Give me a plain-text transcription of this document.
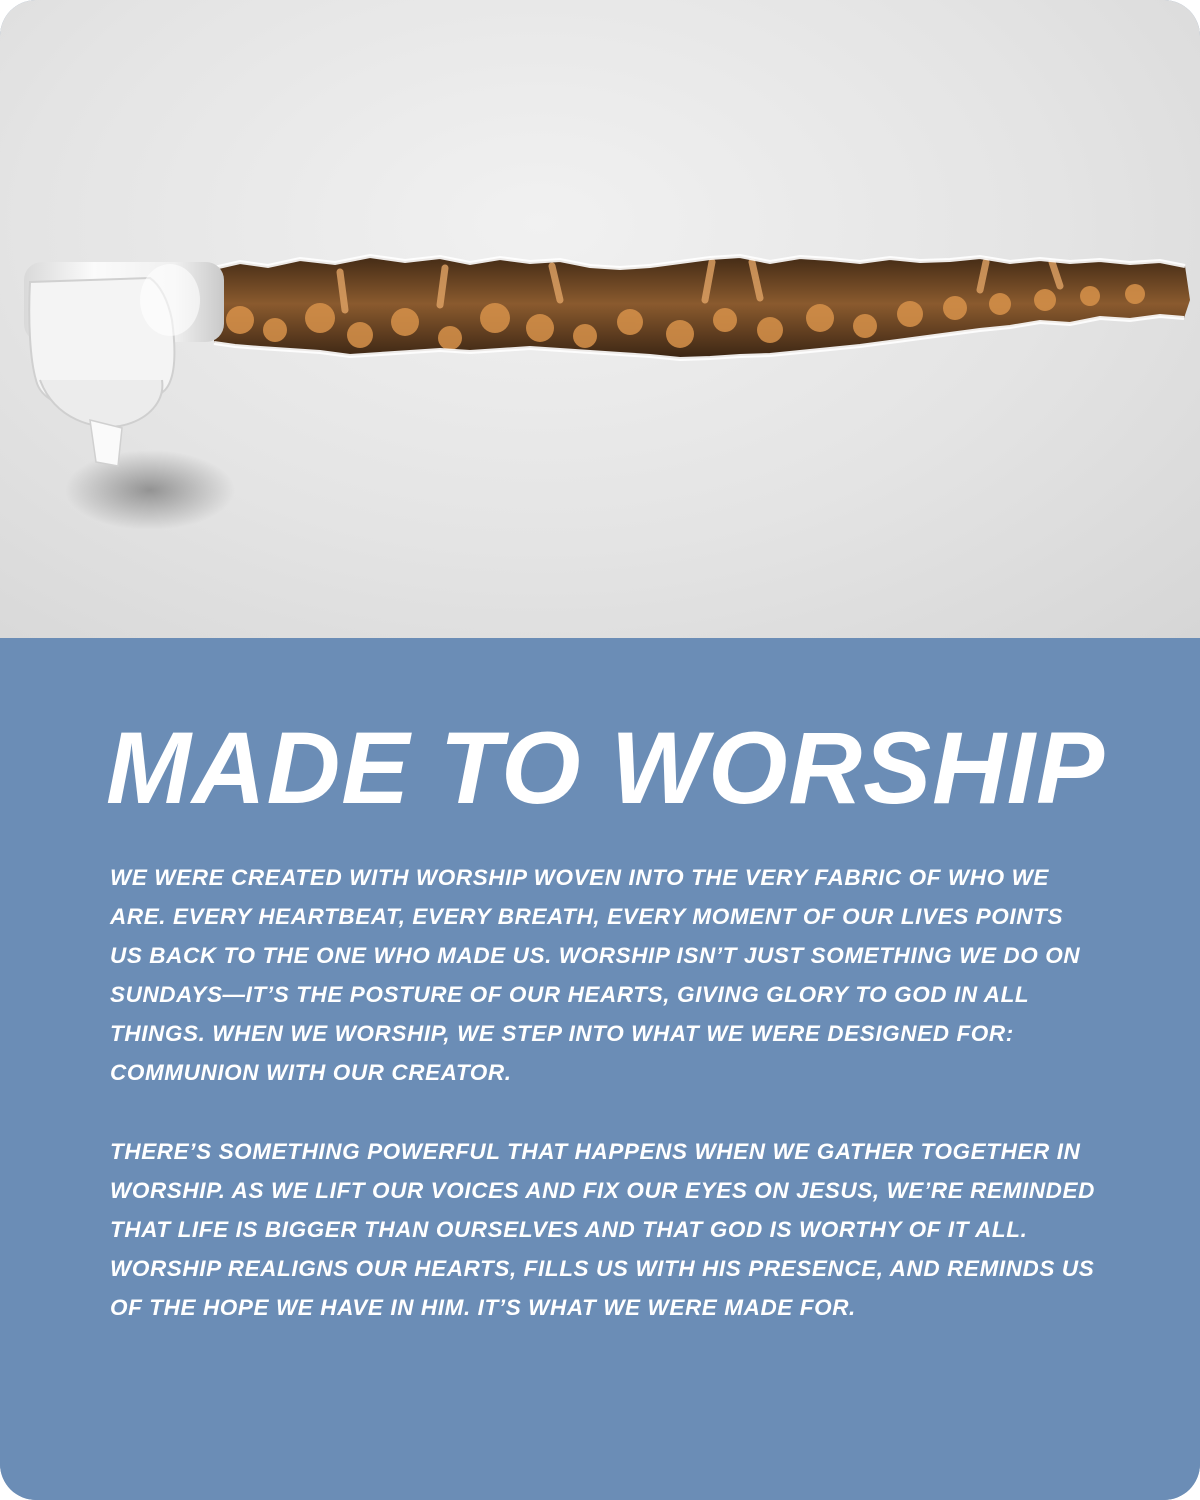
MADE TO WORSHIP

WE WERE CREATED WITH WORSHIP WOVEN INTO THE VERY FABRIC OF WHO WE ARE. EVERY HEARTBEAT, EVERY BREATH, EVERY MOMENT OF OUR LIVES POINTS US BACK TO THE ONE WHO MADE US. WORSHIP ISN’T JUST SOMETHING WE DO ON SUNDAYS—IT’S THE POSTURE OF OUR HEARTS, GIVING GLORY TO GOD IN ALL THINGS. WHEN WE WORSHIP, WE STEP INTO WHAT WE WERE DESIGNED FOR: COMMUNION WITH OUR CREATOR.

THERE’S SOMETHING POWERFUL THAT HAPPENS WHEN WE GATHER TOGETHER IN WORSHIP. AS WE LIFT OUR VOICES AND FIX OUR EYES ON JESUS, WE’RE REMINDED THAT LIFE IS BIGGER THAN OURSELVES AND THAT GOD IS WORTHY OF IT ALL. WORSHIP REALIGNS OUR HEARTS, FILLS US WITH HIS PRESENCE, AND REMINDS US OF THE HOPE WE HAVE IN HIM. IT’S WHAT WE WERE MADE FOR.
